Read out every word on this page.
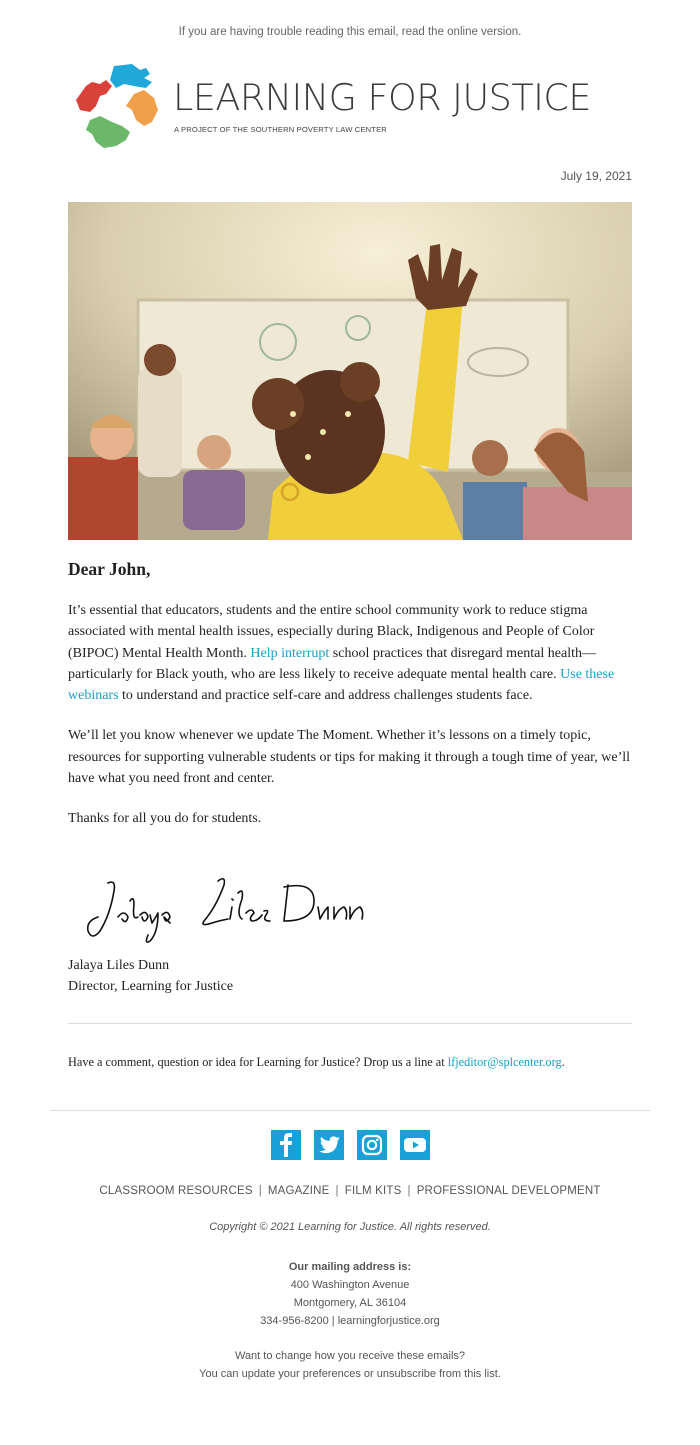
If you are having trouble reading this email, read the online version.
LEARNING FOR JUSTICE
A PROJECT OF THE SOUTHERN POVERTY LAW CENTER
July 19, 2021

Dear John,

It’s essential that educators, students and the entire school community work to reduce stigma associated with mental health issues, especially during Black, Indigenous and People of Color (BIPOC) Mental Health Month. Help interrupt school practices that disregard mental health—particularly for Black youth, who are less likely to receive adequate mental health care. Use these webinars to understand and practice self-care and address challenges students face.

We’ll let you know whenever we update The Moment. Whether it’s lessons on a timely topic, resources for supporting vulnerable students or tips for making it through a tough time of year, we’ll have what you need front and center.

Thanks for all you do for students.

Jalaya Liles Dunn
Director, Learning for Justice
Have a comment, question or idea for Learning for Justice? Drop us a line at lfjeditor@splcenter.org.
CLASSROOM RESOURCES | MAGAZINE | FILM KITS | PROFESSIONAL DEVELOPMENT
Copyright © 2021 Learning for Justice. All rights reserved.
Our mailing address is:
400 Washington Avenue
Montgomery, AL 36104
334-956-8200 | learningforjustice.org
Want to change how you receive these emails?
You can update your preferences or unsubscribe from this list.
